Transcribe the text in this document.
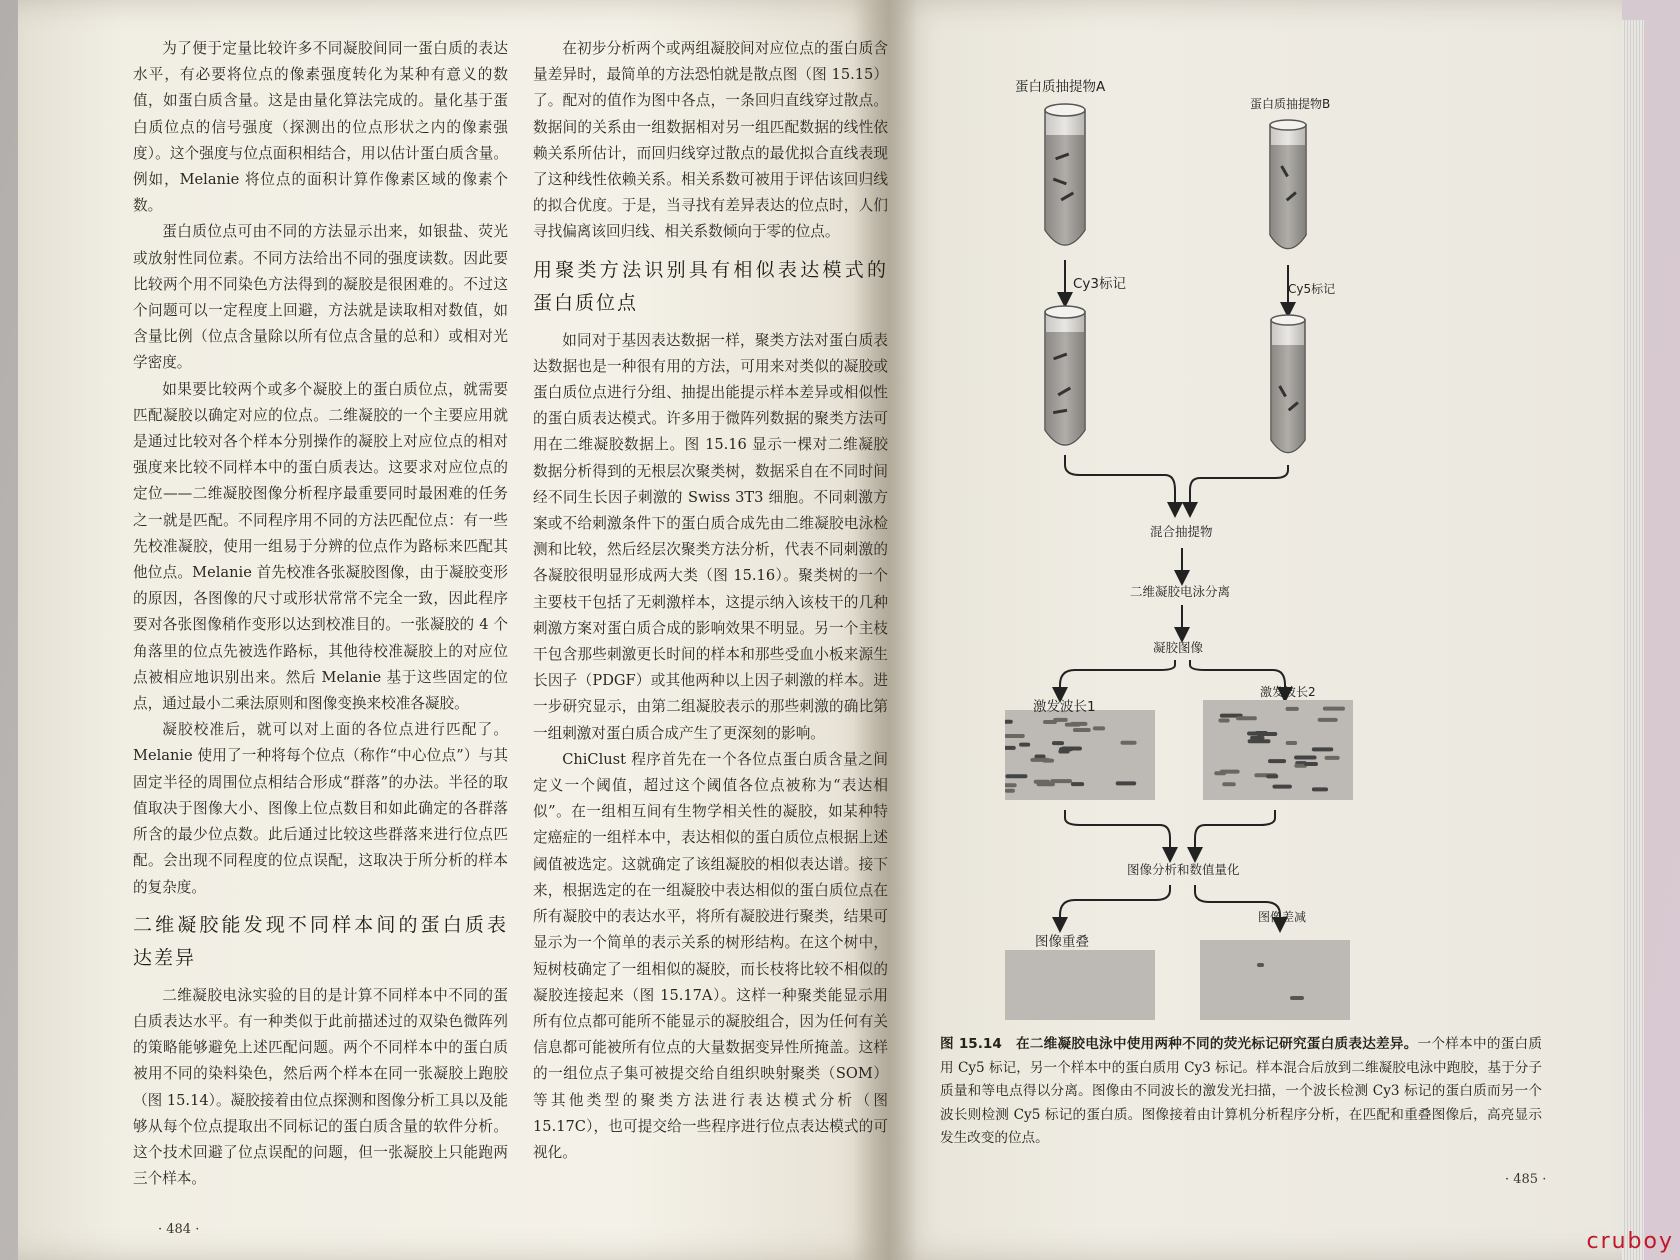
为了便于定量比较许多不同凝胶间同一蛋白质的表达水平，有必要将位点的像素强度转化为某种有意义的数值，如蛋白质含量。这是由量化算法完成的。量化基于蛋白质位点的信号强度（探测出的位点形状之内的像素强度）。这个强度与位点面积相结合，用以估计蛋白质含量。例如，Melanie 将位点的面积计算作像素区域的像素个数。

蛋白质位点可由不同的方法显示出来，如银盐、荧光或放射性同位素。不同方法给出不同的强度读数。因此要比较两个用不同染色方法得到的凝胶是很困难的。不过这个问题可以一定程度上回避，方法就是读取相对数值，如含量比例（位点含量除以所有位点含量的总和）或相对光学密度。

如果要比较两个或多个凝胶上的蛋白质位点，就需要匹配凝胶以确定对应的位点。二维凝胶的一个主要应用就是通过比较对各个样本分别操作的凝胶上对应位点的相对强度来比较不同样本中的蛋白质表达。这要求对应位点的定位——二维凝胶图像分析程序最重要同时最困难的任务之一就是匹配。不同程序用不同的方法匹配位点：有一些先校准凝胶，使用一组易于分辨的位点作为路标来匹配其他位点。Melanie 首先校准各张凝胶图像，由于凝胶变形的原因，各图像的尺寸或形状常常不完全一致，因此程序要对各张图像稍作变形以达到校准目的。一张凝胶的 4 个角落里的位点先被选作路标，其他待校准凝胶上的对应位点被相应地识别出来。然后 Melanie 基于这些固定的位点，通过最小二乘法原则和图像变换来校准各凝胶。

凝胶校准后，就可以对上面的各位点进行匹配了。Melanie 使用了一种将每个位点（称作“中心位点”）与其固定半径的周围位点相结合形成“群落”的办法。半径的取值取决于图像大小、图像上位点数目和如此确定的各群落所含的最少位点数。此后通过比较这些群落来进行位点匹配。会出现不同程度的位点误配，这取决于所分析的样本的复杂度。

二维凝胶能发现不同样本间的蛋白质表达差异

二维凝胶电泳实验的目的是计算不同样本中不同的蛋白质表达水平。有一种类似于此前描述过的双染色微阵列的策略能够避免上述匹配问题。两个不同样本中的蛋白质被用不同的染料染色，然后两个样本在同一张凝胶上跑胶（图 15.14）。凝胶接着由位点探测和图像分析工具以及能够从每个位点提取出不同标记的蛋白质含量的软件分析。这个技术回避了位点误配的问题，但一张凝胶上只能跑两三个样本。

在初步分析两个或两组凝胶间对应位点的蛋白质含量差异时，最简单的方法恐怕就是散点图（图 15.15）了。配对的值作为图中各点，一条回归直线穿过散点。数据间的关系由一组数据相对另一组匹配数据的线性依赖关系所估计，而回归线穿过散点的最优拟合直线表现了这种线性依赖关系。相关系数可被用于评估该回归线的拟合优度。于是，当寻找有差异表达的位点时，人们寻找偏离该回归线、相关系数倾向于零的位点。

用聚类方法识别具有相似表达模式的蛋白质位点

如同对于基因表达数据一样，聚类方法对蛋白质表达数据也是一种很有用的方法，可用来对类似的凝胶或蛋白质位点进行分组、抽提出能提示样本差异或相似性的蛋白质表达模式。许多用于微阵列数据的聚类方法可用在二维凝胶数据上。图 15.16 显示一棵对二维凝胶数据分析得到的无根层次聚类树，数据采自在不同时间经不同生长因子刺激的 Swiss 3T3 细胞。不同刺激方案或不给刺激条件下的蛋白质合成先由二维凝胶电泳检测和比较，然后经层次聚类方法分析，代表不同刺激的各凝胶很明显形成两大类（图 15.16）。聚类树的一个主要枝干包括了无刺激样本，这提示纳入该枝干的几种刺激方案对蛋白质合成的影响效果不明显。另一个主枝干包含那些刺激更长时间的样本和那些受血小板来源生长因子（PDGF）或其他两种以上因子刺激的样本。进一步研究显示，由第二组凝胶表示的那些刺激的确比第一组刺激对蛋白质合成产生了更深刻的影响。

ChiClust 程序首先在一个各位点蛋白质含量之间定义一个阈值，超过这个阈值各位点被称为“表达相似”。在一组相互间有生物学相关性的凝胶，如某种特定癌症的一组样本中，表达相似的蛋白质位点根据上述阈值被选定。这就确定了该组凝胶的相似表达谱。接下来，根据选定的在一组凝胶中表达相似的蛋白质位点在所有凝胶中的表达水平，将所有凝胶进行聚类，结果可显示为一个简单的表示关系的树形结构。在这个树中，短树枝确定了一组相似的凝胶，而长枝将比较不相似的凝胶连接起来（图 15.17A）。这样一种聚类能显示用所有位点都可能所不能显示的凝胶组合，因为任何有关信息都可能被所有位点的大量数据变异性所掩盖。这样的一组位点子集可被提交给自组织映射聚类（SOM）等其他类型的聚类方法进行表达模式分析（图 15.17C），也可提交给一些程序进行位点表达模式的可视化。

· 484 ·
蛋白质抽提物A
蛋白质抽提物B
Cy3标记	Cy5标记
混合抽提物
二维凝胶电泳分离
凝胶图像
激发波长1
激发波长2
图像分析和数值量化
图像重叠
图像差减
图 15.14　在二维凝胶电泳中使用两种不同的荧光标记研究蛋白质表达差异。一个样本中的蛋白质用 Cy5 标记，另一个样本中的蛋白质用 Cy3 标记。样本混合后放到二维凝胶电泳中跑胶，基于分子质量和等电点得以分离。图像由不同波长的激发光扫描，一个波长检测 Cy3 标记的蛋白质而另一个波长则检测 Cy5 标记的蛋白质。图像接着由计算机分析程序分析，在匹配和重叠图像后，高亮显示发生改变的位点。
· 485 ·
cruboy
